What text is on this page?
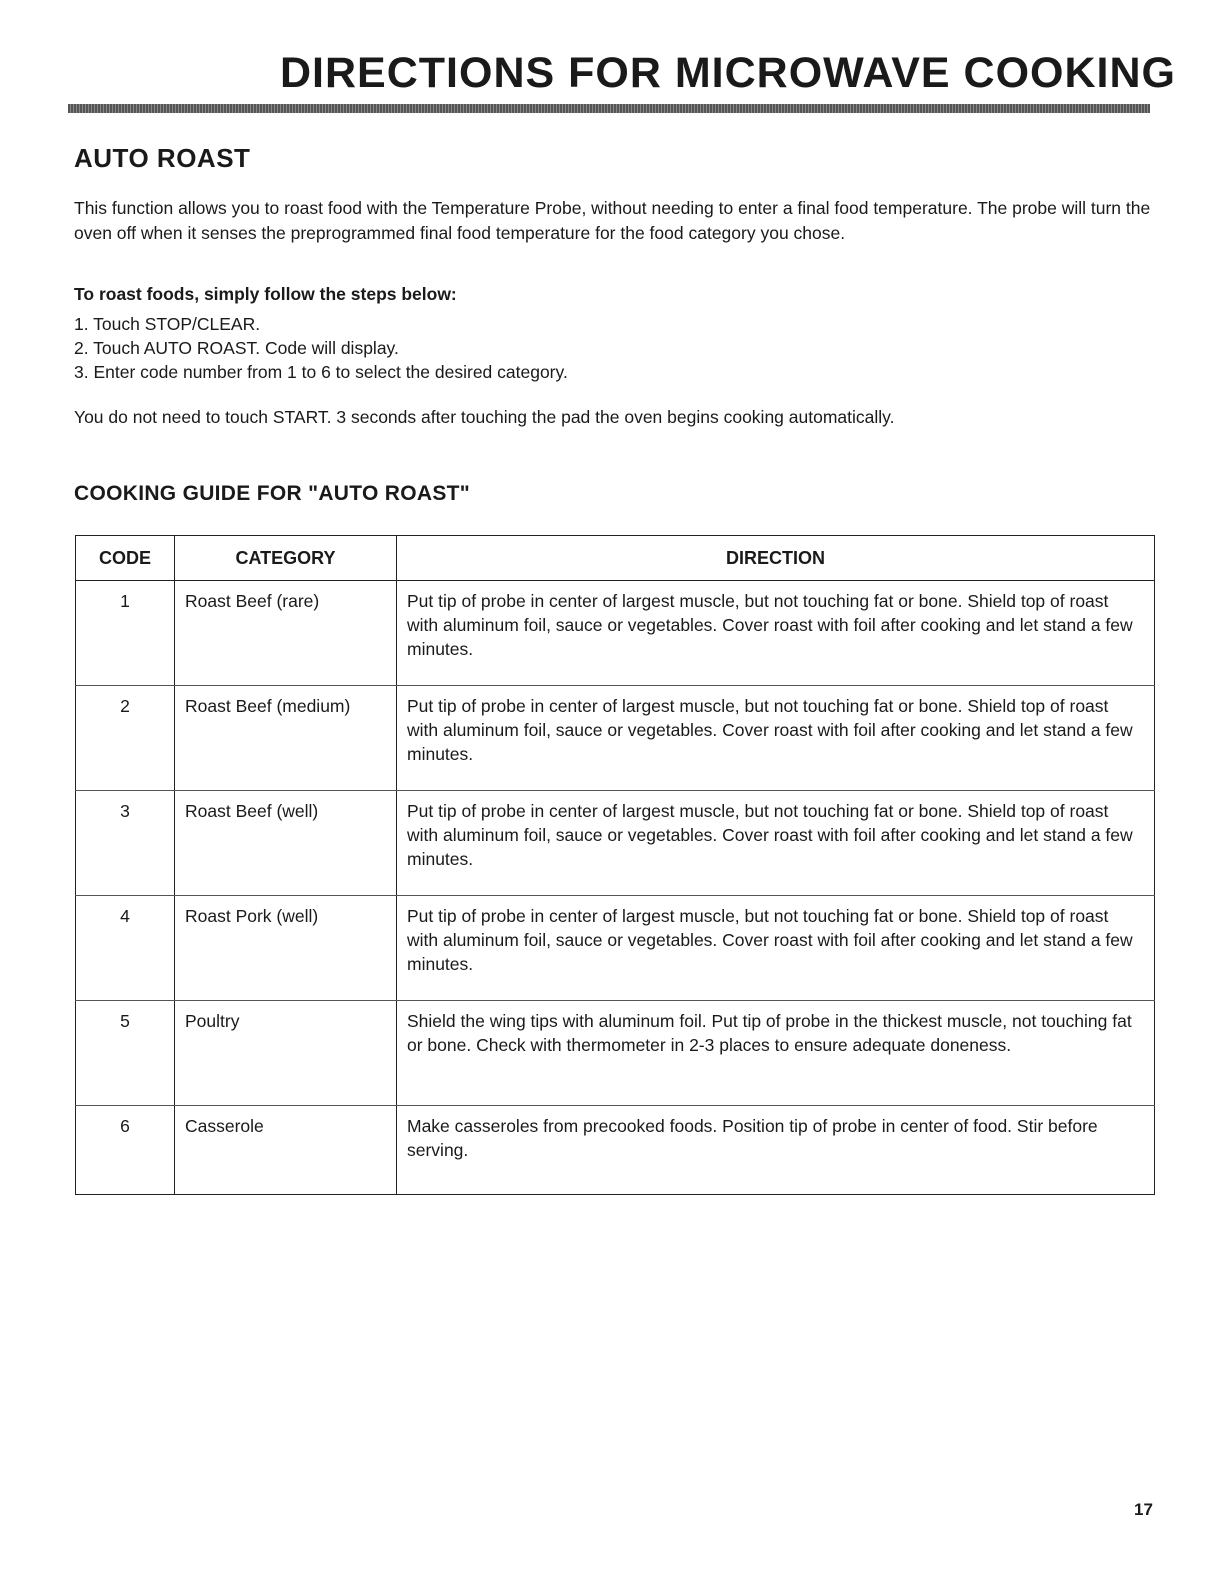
DIRECTIONS FOR MICROWAVE COOKING
AUTO ROAST

This function allows you to roast food with the Temperature Probe, without needing to enter a final food temperature. The probe will turn the oven off when it senses the preprogrammed final food temperature for the food category you chose.

To roast foods, simply follow the steps below:

1. Touch STOP/CLEAR.
2. Touch AUTO ROAST. Code will display.
3. Enter code number from 1 to 6 to select the desired category.

You do not need to touch START. 3 seconds after touching the pad the oven begins cooking automatically.

COOKING GUIDE FOR "AUTO ROAST"
CODE	CATEGORY	DIRECTION
1	Roast Beef (rare)	Put tip of probe in center of largest muscle, but not touching fat or bone. Shield top of roast with aluminum foil, sauce or vegetables. Cover roast with foil after cooking and let stand a few minutes.
2	Roast Beef (medium)	Put tip of probe in center of largest muscle, but not touching fat or bone. Shield top of roast with aluminum foil, sauce or vegetables. Cover roast with foil after cooking and let stand a few minutes.
3	Roast Beef (well)	Put tip of probe in center of largest muscle, but not touching fat or bone. Shield top of roast with aluminum foil, sauce or vegetables. Cover roast with foil after cooking and let stand a few minutes.
4	Roast Pork (well)	Put tip of probe in center of largest muscle, but not touching fat or bone. Shield top of roast with aluminum foil, sauce or vegetables. Cover roast with foil after cooking and let stand a few minutes.
5	Poultry	Shield the wing tips with aluminum foil. Put tip of probe in the thickest muscle, not touching fat or bone. Check with thermometer in 2-3 places to ensure adequate doneness.
6	Casserole	Make casseroles from precooked foods. Position tip of probe in center of food. Stir before serving.
17
